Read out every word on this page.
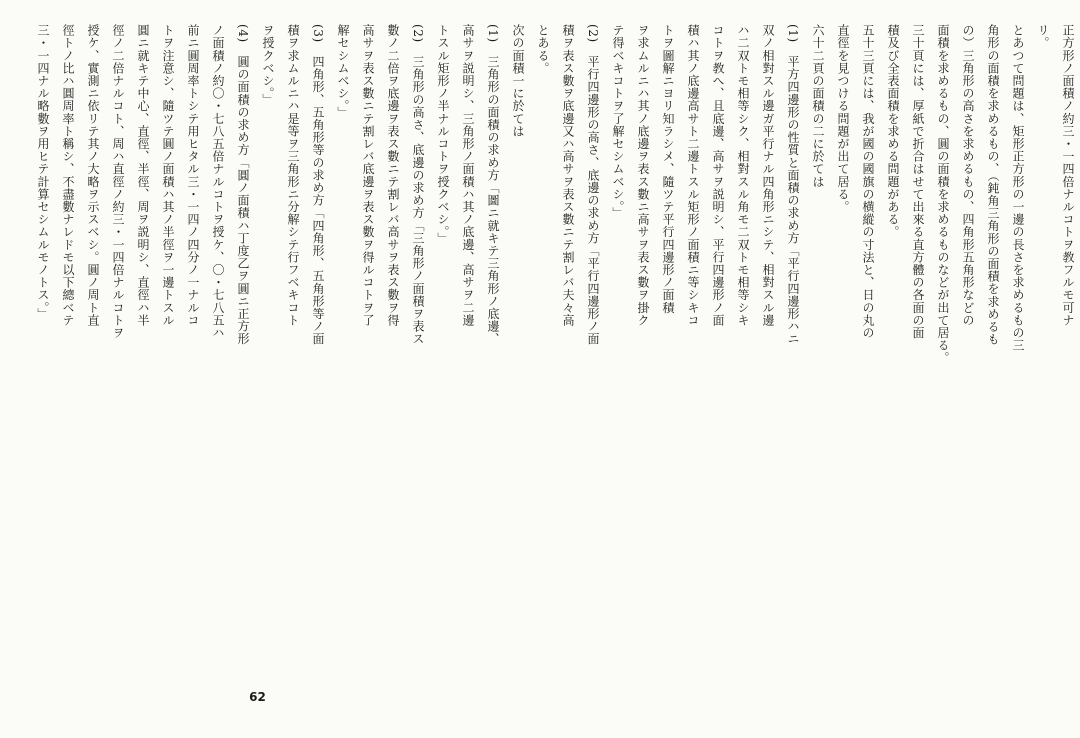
正方形ノ面積ノ約三・一四倍ナルコトヲ教フルモ可ナ
リ。
とあつて問題は、矩形正方形の一邊の長さを求めるもの三
角形の面積を求めるもの、（鈍角三角形の面積を求めるも
の）三角形の高さを求めるもの、四角形五角形などの
面積を求めるもの、圓の面積を求めるものなどが出て居る。
三十頁には、厚紙で折合はせて出來る直方體の各面の面
積及び全表面積を求める問題がある。
五十三頁には、我が國の國旗の横縱の寸法と、日の丸の
直徑を見つける問題が出て居る。
六十二頁の面積の二に於ては
(1)　平方四邊形の性質と面積の求め方「平行四邊形ハニ
双ノ相對スル邊ガ平行ナル四角形ニシテ、相對スル邊
ハ二双トモ相等シク、相對スル角モ二双トモ相等シキ
コトヲ教へ、且底邊、高サヲ説明シ、平行四邊形ノ面
積ハ其ノ底邊高サト二邊トスル矩形ノ面積ニ等シキコ
トヲ圖解ニヨリ知ラシメ、隨ツテ平行四邊形ノ面積
ヲ求ムルニハ其ノ底邊ヲ表ス數ニ高サヲ表ス數ヲ掛ク
テ得ベキコトヲ了解セシムベシ。」
(2)　平行四邊形の高さ、底邊の求め方「平行四邊形ノ面
積ヲ表ス數ヲ底邊又ハ高サヲ表ス數ニテ割レバ夫々高
とある。
次の面積一に於ては
(1)　三角形の面積の求め方「圖ニ就キテ三角形ノ底邊、
高サヲ説明シ、三角形ノ面積ハ其ノ底邊、高サヲ二邊
トスル矩形ノ半ナルコトヲ授クベシ。」
(2)　三角形の高さ、底邊の求め方「三角形ノ面積ヲ表ス
數ノ二倍ヲ底邊ヲ表ス數ニテ割レバ高サヲ表ス數ヲ得
高サヲ表ス數ニテ割レバ底邊ヲ表ス數ヲ得ルコトヲ了
解セシムベシ。」
(3)　四角形、五角形等の求め方「四角形、五角形等ノ面
積ヲ求ムルニハ是等ヲ三角形ニ分解シテ行フベキコト
ヲ授クベシ。」
(4)　圓の面積の求め方「圓ノ面積ハ丁度乙ヲ圓ニ正方形
ノ面積ノ約〇・七八五倍ナルコトヲ授ケ、〇・七八五ハ
前ニ圓周率トシテ用ヒタル三・一四ノ四分ノ一ナルコ
トヲ注意シ、隨ツテ圓ノ面積ハ其ノ半徑ヲ一邊トスル
圓ニ就キテ中心、直徑、半徑、周ヲ説明シ、直徑ハ半
徑ノ二倍ナルコト、周ハ直徑ノ約三・一四倍ナルコトヲ
授ケ、實測ニ依リテ其ノ大略ヲ示スベシ。圓ノ周ト直
徑トノ比ハ圓周率ト稱シ、不盡數ナレドモ以下總ベテ
三・一四ナル略數ヲ用ヒテ計算セシムルモノトス。」
62
